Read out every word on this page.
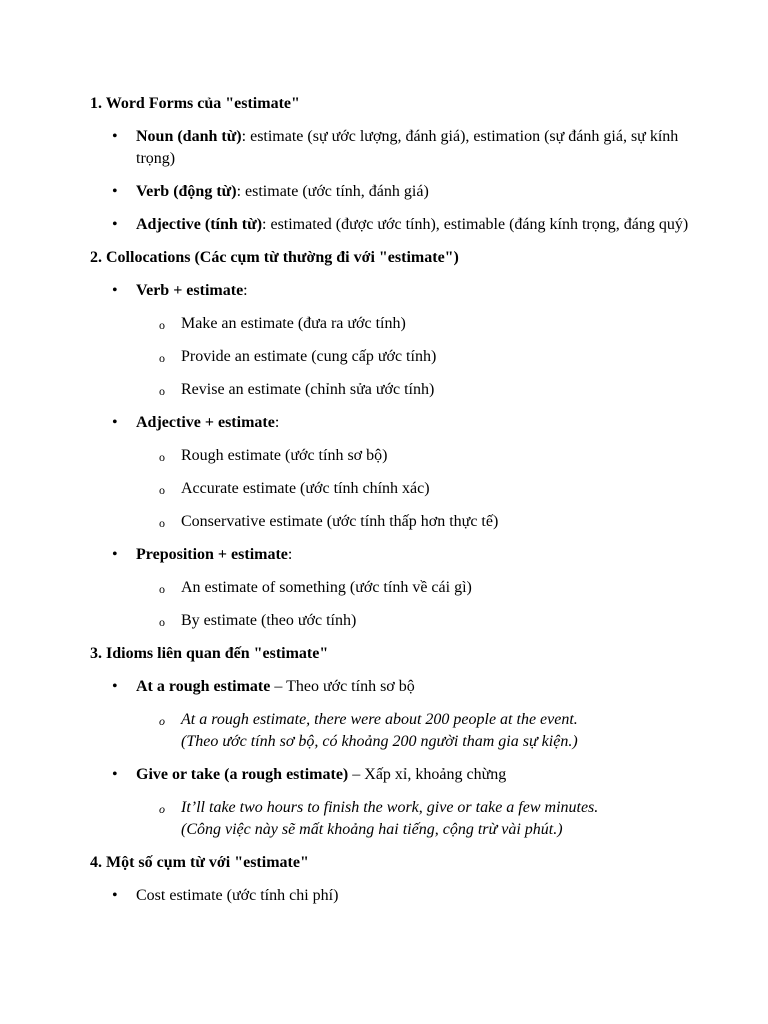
1. Word Forms của "estimate"
• Noun (danh từ): estimate (sự ước lượng, đánh giá), estimation (sự đánh giá, sự kính trọng)
• Verb (động từ): estimate (ước tính, đánh giá)
• Adjective (tính từ): estimated (được ước tính), estimable (đáng kính trọng, đáng quý)
2. Collocations (Các cụm từ thường đi với "estimate")
• Verb + estimate:
o Make an estimate (đưa ra ước tính)
o Provide an estimate (cung cấp ước tính)
o Revise an estimate (chỉnh sửa ước tính)
• Adjective + estimate:
o Rough estimate (ước tính sơ bộ)
o Accurate estimate (ước tính chính xác)
o Conservative estimate (ước tính thấp hơn thực tế)
• Preposition + estimate:
o An estimate of something (ước tính về cái gì)
o By estimate (theo ước tính)
3. Idioms liên quan đến "estimate"
• At a rough estimate – Theo ước tính sơ bộ
o At a rough estimate, there were about 200 people at the event.
(Theo ước tính sơ bộ, có khoảng 200 người tham gia sự kiện.)
• Give or take (a rough estimate) – Xấp xỉ, khoảng chừng
o It’ll take two hours to finish the work, give or take a few minutes.
(Công việc này sẽ mất khoảng hai tiếng, cộng trừ vài phút.)
4. Một số cụm từ với "estimate"
• Cost estimate (ước tính chi phí)
